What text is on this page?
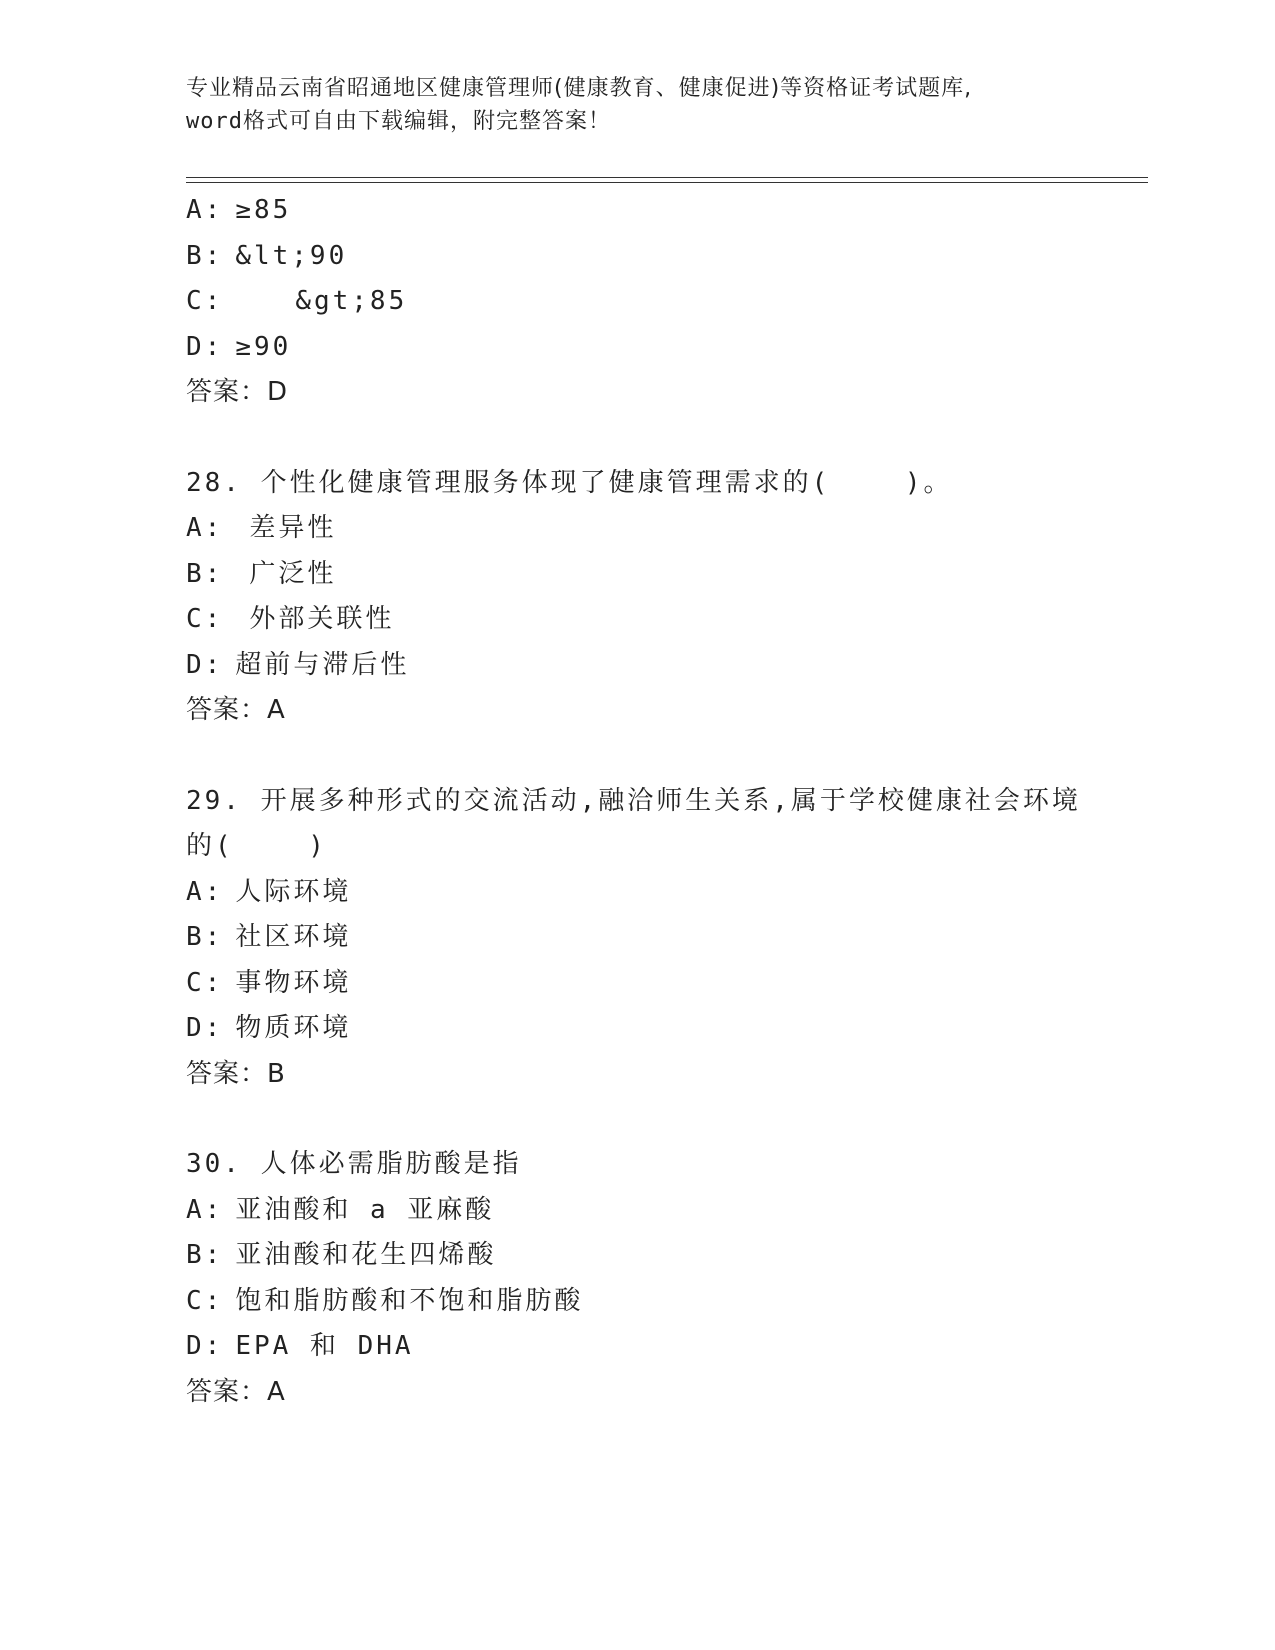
专业精品云南省昭通地区健康管理师(健康教育、健康促进)等资格证考试题库,
word格式可自由下载编辑，附完整答案！
A: ≥85
B: &lt;90
C:	&gt;85
D: ≥90
答案：D
28. 个性化健康管理服务体现了健康管理需求的(    )。
A: 差异性
B: 广泛性
C: 外部关联性
D: 超前与滞后性
答案：A
29. 开展多种形式的交流活动,融洽师生关系,属于学校健康社会环境
的(    )
A: 人际环境
B: 社区环境
C: 事物环境
D: 物质环境
答案：B
30. 人体必需脂肪酸是指
A: 亚油酸和 a 亚麻酸
B: 亚油酸和花生四烯酸
C: 饱和脂肪酸和不饱和脂肪酸
D: EPA 和 DHA
答案：A
